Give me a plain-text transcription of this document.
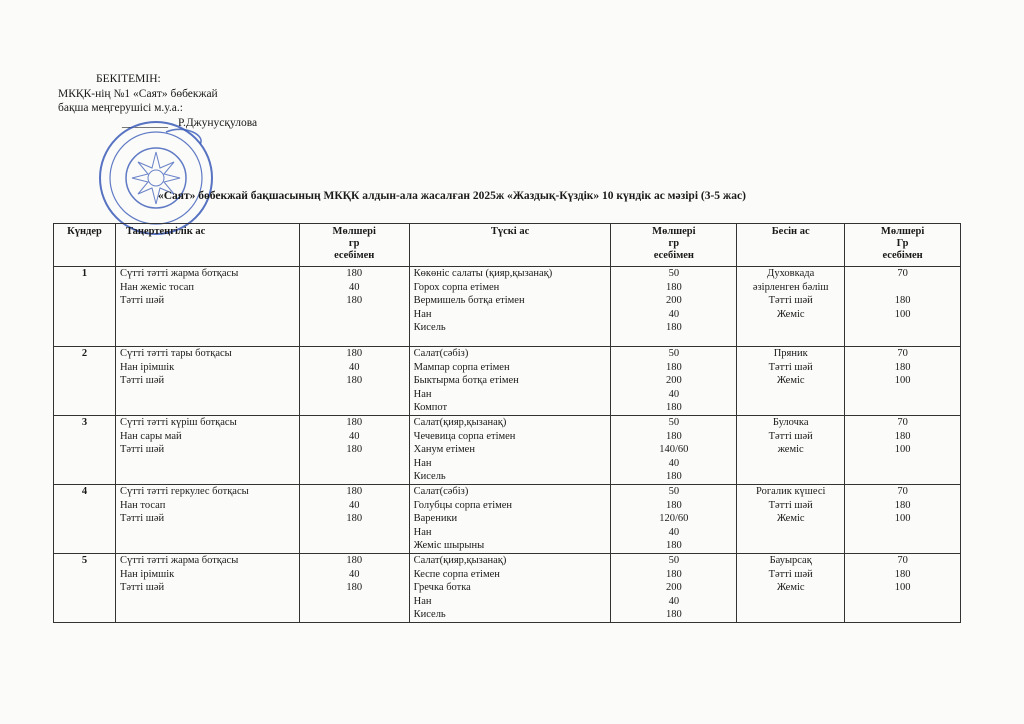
БЕКІТЕМІН:
МКҚК-нің №1 «Саят» бөбекжай
бақша меңгерушісі м.у.а.:
________ Р.Джунусқулова
«Саят» бөбекжай бақшасының МКҚК алдын-ала жасалған 2025ж «Жаздық-Күздік» 10 күндік ас мәзірі (3-5 жас)
Күндер	Таңертеңгілік ас	Мөлшері
гр
есебімен	Түскі ас	Мөлшері
гр
есебімен	Бесін ас	Мөлшері
Гр
есебімен

1	Сүтті тәтті жарма ботқасы
Нан жеміс тосап
Тәтті шәй	180
40
180	Көкөніс салаты (қияр,қызанақ)
Горох сорпа етімен
Вермишель ботқа етімен
Нан
Кисель	50
180
200
40
180	Духовкада
әзірленген бәліш
Тәтті шәй
Жеміс	70

180
100

2	Сүтті тәтті тары ботқасы
Нан ірімшік
Тәтті шәй	180
40
180	Салат(сәбіз)
Мампар сорпа етімен
Быктырма ботқа етімен
Нан
Компот	50
180
200
40
180	Пряник
Тәтті шәй
Жеміс	70
180
100

3	Сүтті тәтті күріш ботқасы
Нан сары май
Тәтті шәй	180
40
180	Салат(қияр,қызанақ)
Чечевица сорпа етімен
Ханум етімен
Нан
Кисель	50
180
140/60
40
180	Булочка
Тәтті шәй
жеміс	70
180
100

4	Сүтті тәтті геркулес ботқасы
Нан тосап
Тәтті шәй	180
40
180	Салат(сәбіз)
Голубцы сорпа етімен
Вареники
Нан
Жеміс шырыны	50
180
120/60
40
180	Рогалик күшесі
Тәтті шәй
Жеміс	70
180
100

5	Сүтті тәтті жарма ботқасы
Нан ірімшік
Тәтті шәй	180
40
180	Салат(қияр,қызанақ)
Кеспе сорпа етімен
Гречка ботка
Нан
Кисель	50
180
200
40
180	Бауырсақ
Тәтті шәй
Жеміс	70
180
100
